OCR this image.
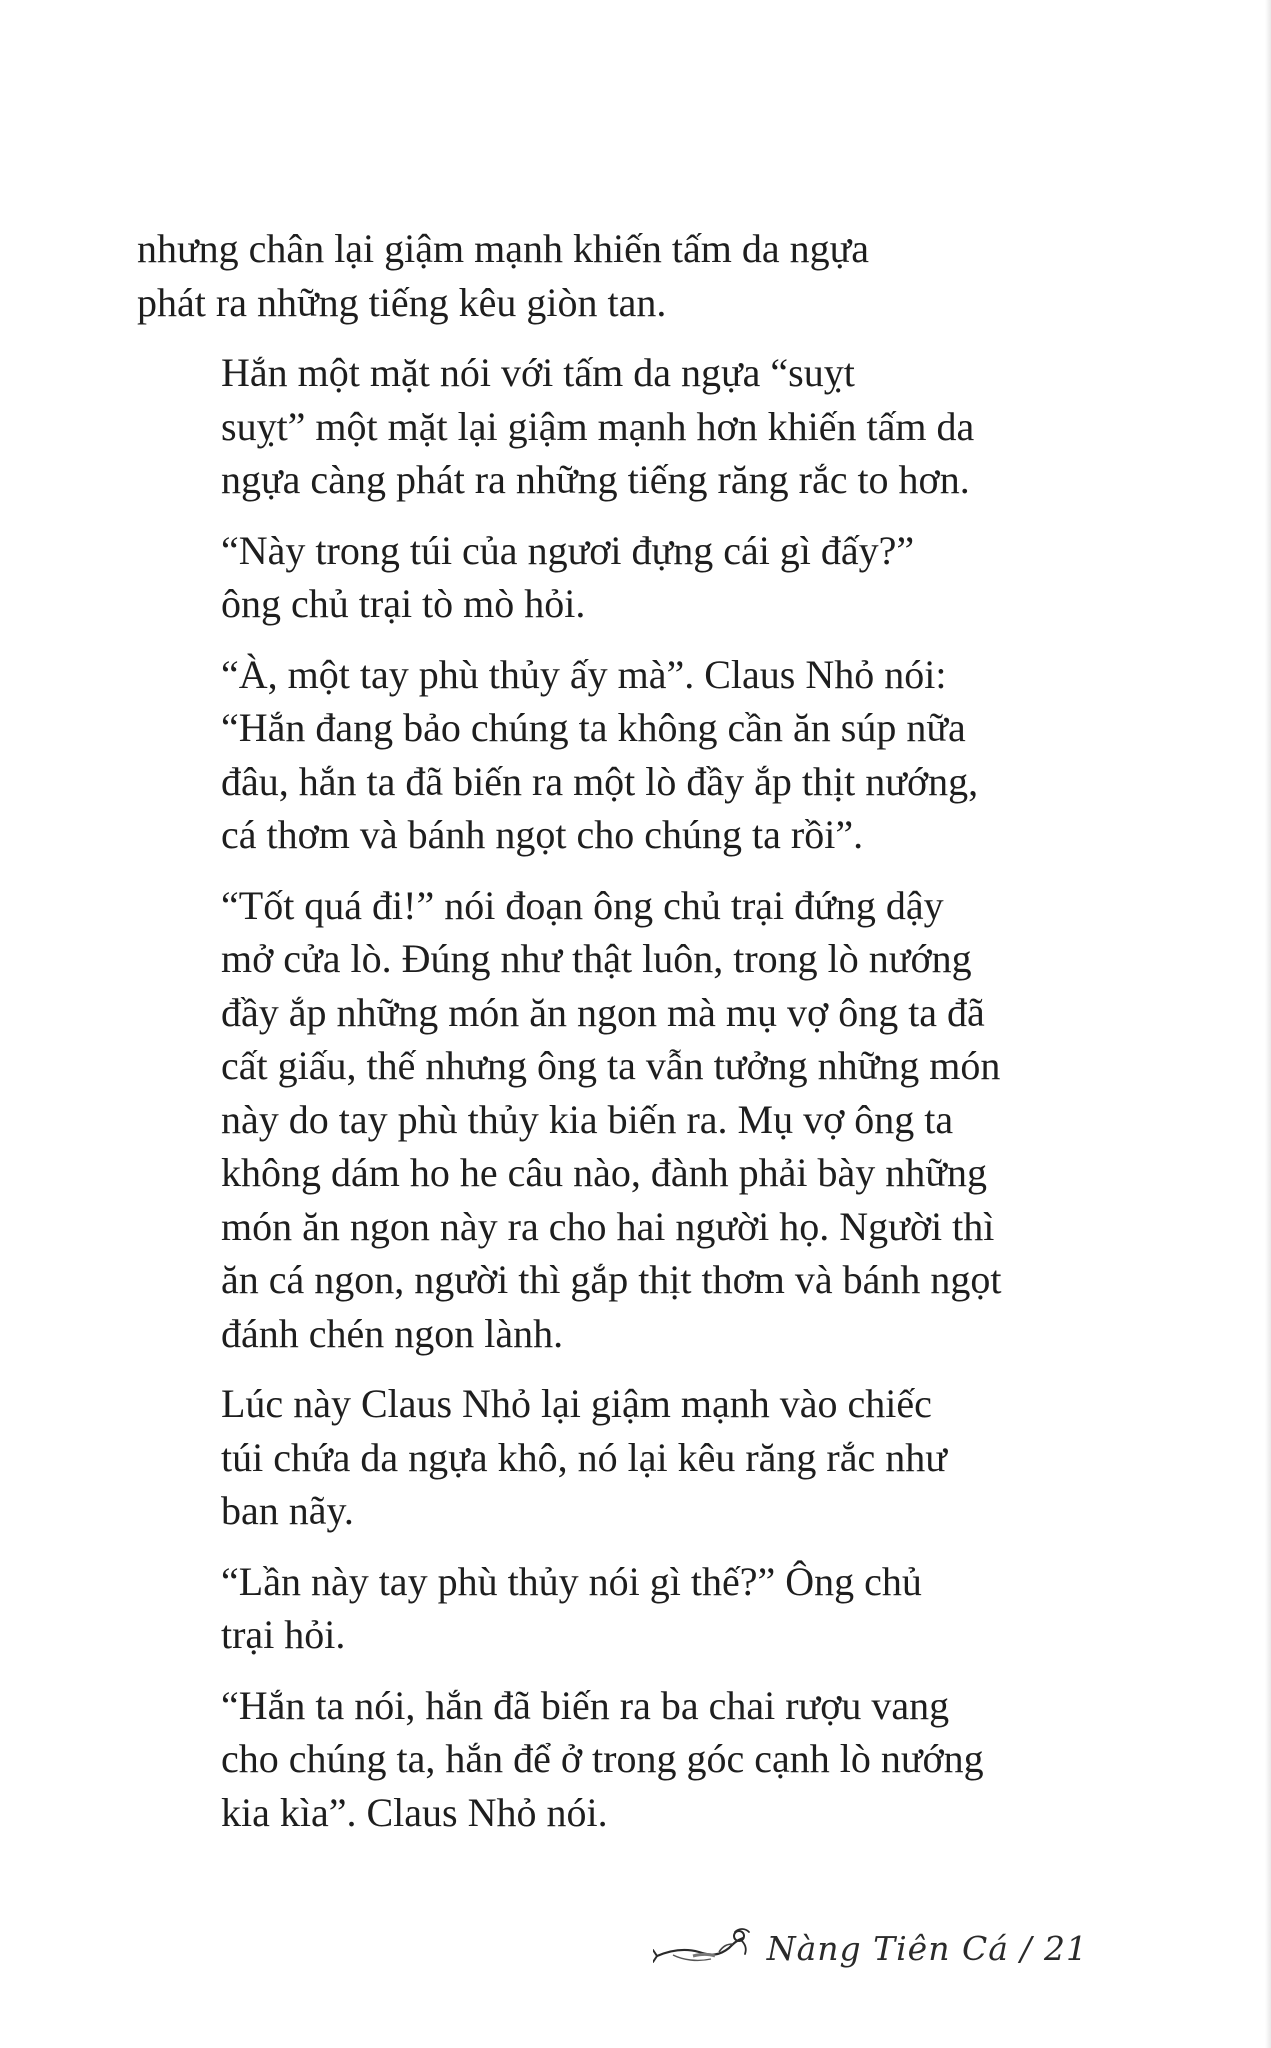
nhưng chân lại giậm mạnh khiến tấm da ngựa
phát ra những tiếng kêu giòn tan.

Hắn một mặt nói với tấm da ngựa “suỵt
suỵt” một mặt lại giậm mạnh hơn khiến tấm da
ngựa càng phát ra những tiếng răng rắc to hơn.

“Này trong túi của ngươi đựng cái gì đấy?”
ông chủ trại tò mò hỏi.

“À, một tay phù thủy ấy mà”. Claus Nhỏ nói:
“Hắn đang bảo chúng ta không cần ăn súp nữa
đâu, hắn ta đã biến ra một lò đầy ắp thịt nướng,
cá thơm và bánh ngọt cho chúng ta rồi”.

“Tốt quá đi!” nói đoạn ông chủ trại đứng dậy
mở cửa lò. Đúng như thật luôn, trong lò nướng
đầy ắp những món ăn ngon mà mụ vợ ông ta đã
cất giấu, thế nhưng ông ta vẫn tưởng những món
này do tay phù thủy kia biến ra. Mụ vợ ông ta
không dám ho he câu nào, đành phải bày những
món ăn ngon này ra cho hai người họ. Người thì
ăn cá ngon, người thì gắp thịt thơm và bánh ngọt
đánh chén ngon lành.

Lúc này Claus Nhỏ lại giậm mạnh vào chiếc
túi chứa da ngựa khô, nó lại kêu răng rắc như
ban nãy.

“Lần này tay phù thủy nói gì thế?” Ông chủ
trại hỏi.

“Hắn ta nói, hắn đã biến ra ba chai rượu vang
cho chúng ta, hắn để ở trong góc cạnh lò nướng
kia kìa”. Claus Nhỏ nói.

Nàng Tiên Cá / 21
